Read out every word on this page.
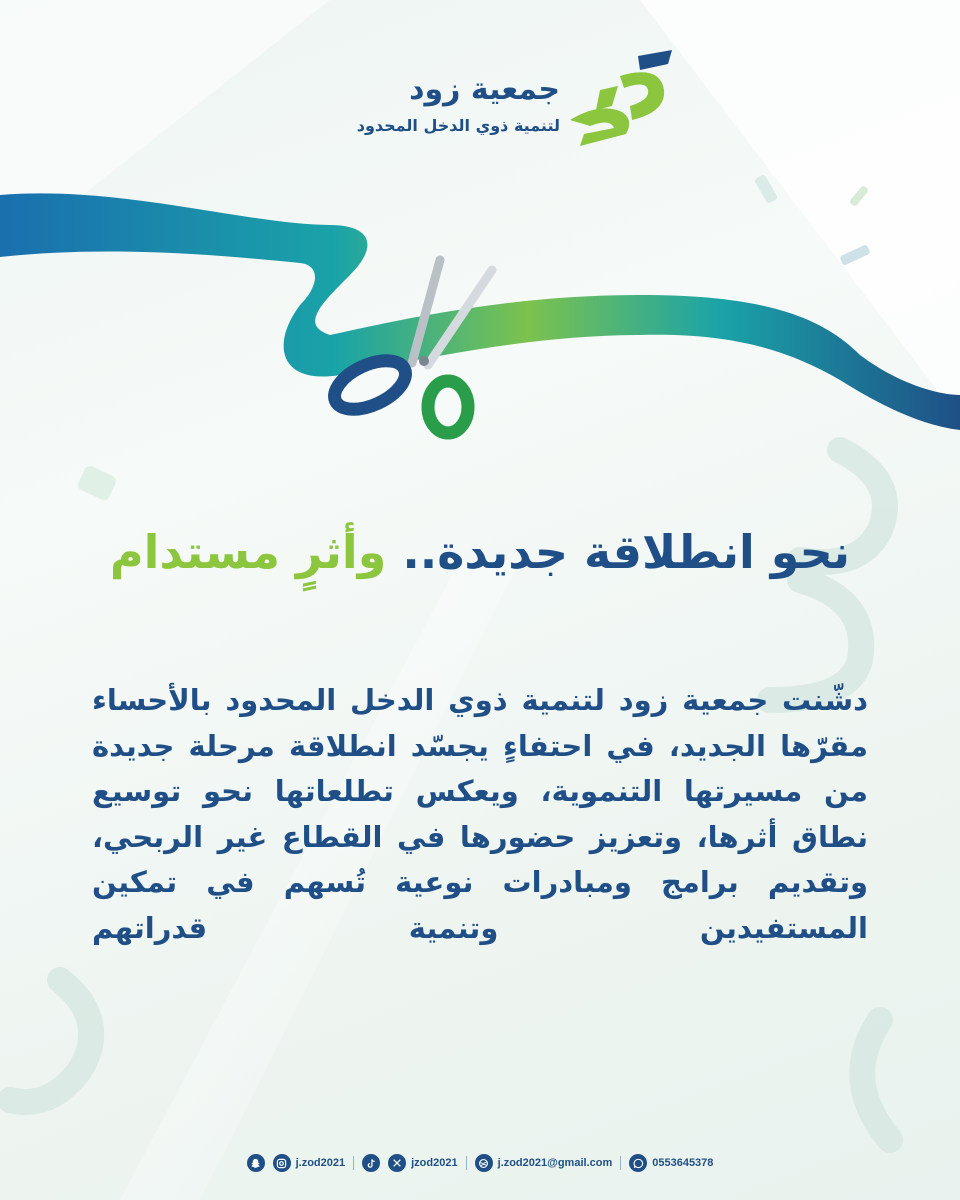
جمعية زود

لتنمية ذوي الدخل المحدود

نحو انطلاقة جديدة.. وأثرٍ مستدام

دشّنت جمعية زود لتنمية ذوي الدخل المحدود بالأحساء مقرّها الجديد، في احتفاءٍ يجسّد انطلاقة مرحلة جديدة من مسيرتها التنموية، ويعكس تطلعاتها نحو توسيع نطاق أثرها، وتعزيز حضورها في القطاع غير الربحي، وتقديم برامج ومبادرات نوعية تُسهم في تمكين المستفيدين وتنمية قدراتهم

j.zod2021	jzod2021	j.zod2021@gmail.com	0553645378
